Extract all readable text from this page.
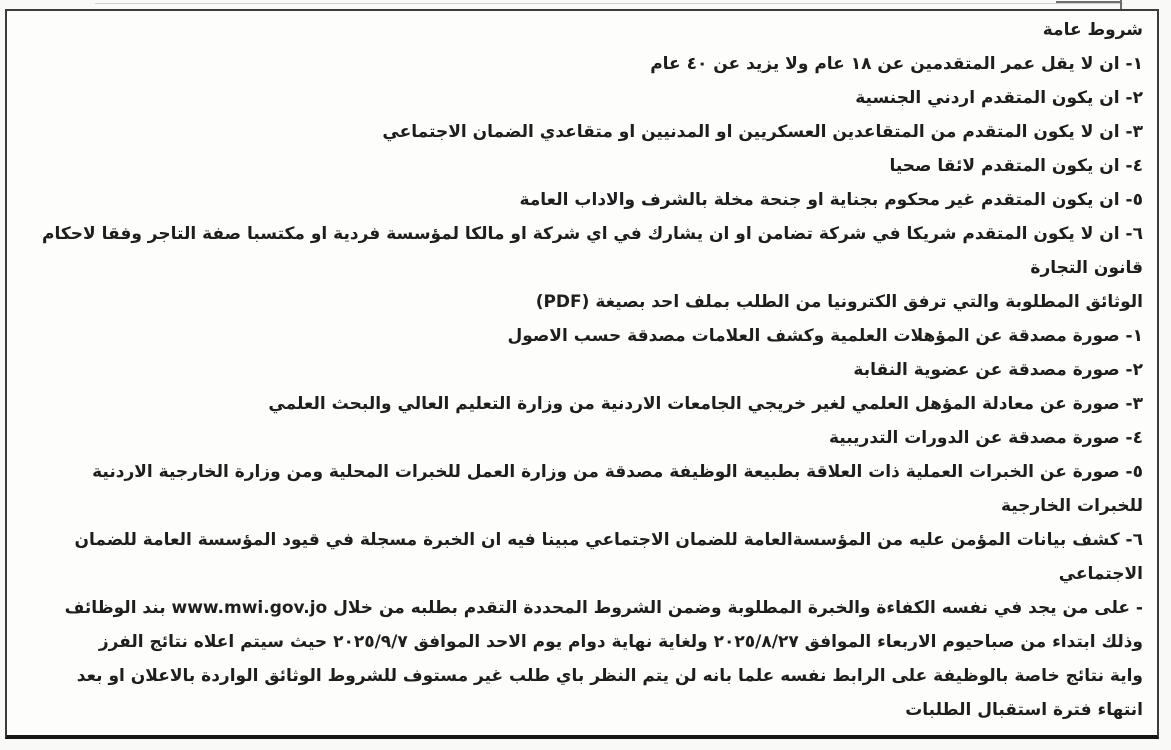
شروط عامة
١- ان لا يقل عمر المتقدمين عن ١٨ عام ولا يزيد عن ٤٠ عام
٢- ان يكون المتقدم اردني الجنسية
٣- ان لا يكون المتقدم من المتقاعدين العسكريين او المدنيين او متقاعدي الضمان الاجتماعي
٤- ان يكون المتقدم لائقا صحيا
٥- ان يكون المتقدم غير محكوم بجناية او جنحة مخلة بالشرف والاداب العامة
٦- ان لا يكون المتقدم شريكا في شركة تضامن او ان يشارك في اي شركة او مالكا لمؤسسة فردية او مكتسبا صفة التاجر وفقا لاحكام
قانون التجارة
الوثائق المطلوبة والتي ترفق الكترونيا من الطلب بملف احد بصيغة (PDF)
١- صورة مصدقة عن المؤهلات العلمية وكشف العلامات مصدقة حسب الاصول
٢- صورة مصدقة عن عضوية النقابة
٣- صورة عن معادلة المؤهل العلمي لغير خريجي الجامعات الاردنية من وزارة التعليم العالي والبحث العلمي
٤- صورة مصدقة عن الدورات التدريبية
٥- صورة عن الخبرات العملية ذات العلاقة بطبيعة الوظيفة مصدقة من وزارة العمل للخبرات المحلية ومن وزارة الخارجية الاردنية
للخبرات الخارجية
٦- كشف بيانات المؤمن عليه من المؤسسةالعامة للضمان الاجتماعي مبينا فيه ان الخبرة مسجلة في قيود المؤسسة العامة للضمان
الاجتماعي
- على من يجد في نفسه الكفاءة والخبرة المطلوبة وضمن الشروط المحددة التقدم بطلبه من خلال www.mwi.gov.jo بند الوظائف
وذلك ابتداء من صباحيوم الاربعاء الموافق ٢٠٢٥/٨/٢٧ ولغاية نهاية دوام يوم الاحد الموافق ٢٠٢٥/٩/٧ حيث سيتم اعلاه نتائج الفرز
واية نتائج خاصة بالوظيفة على الرابط نفسه علما بانه لن يتم النظر باي طلب غير مستوف للشروط الوثائق الواردة بالاعلان او بعد
انتهاء فترة استقبال الطلبات
